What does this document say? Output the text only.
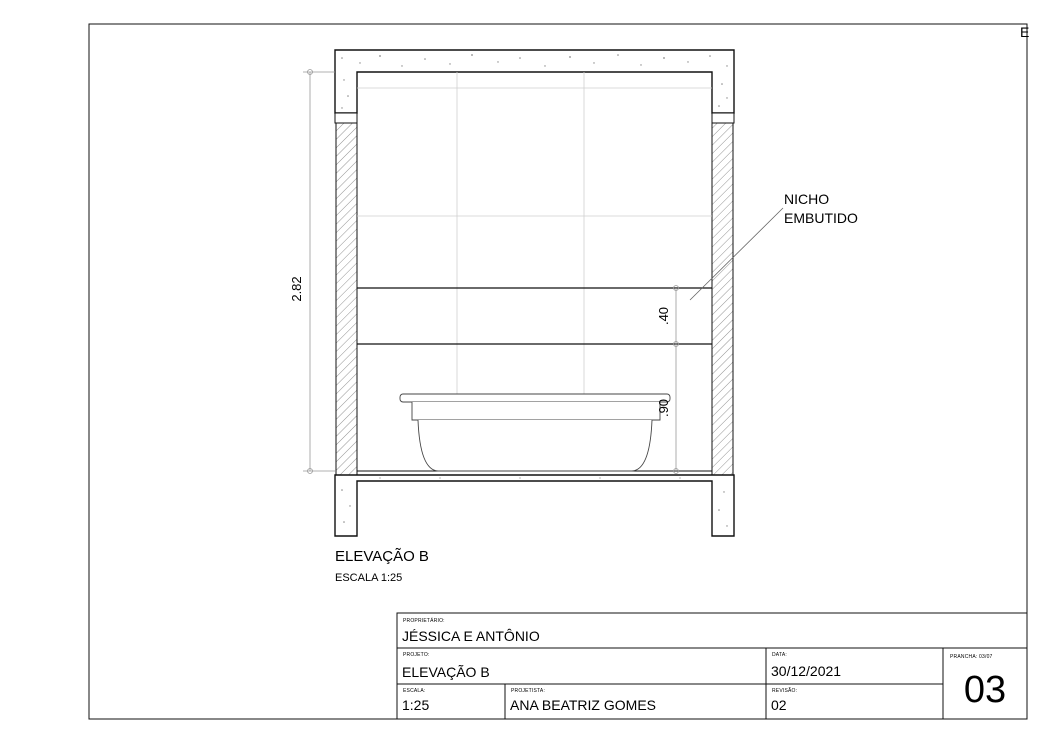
E
NICHO
EMBUTIDO
2.82
.40
.90
ELEVAÇÃO B
ESCALA 1:25
PROPRIETÁRIO:
JÉSSICA E ANTÔNIO
PROJETO:
ELEVAÇÃO B
DATA:
30/12/2021
PRANCHA: 03/07
03
ESCALA:
1:25
PROJETISTA:
ANA BEATRIZ GOMES
REVISÃO:
02
